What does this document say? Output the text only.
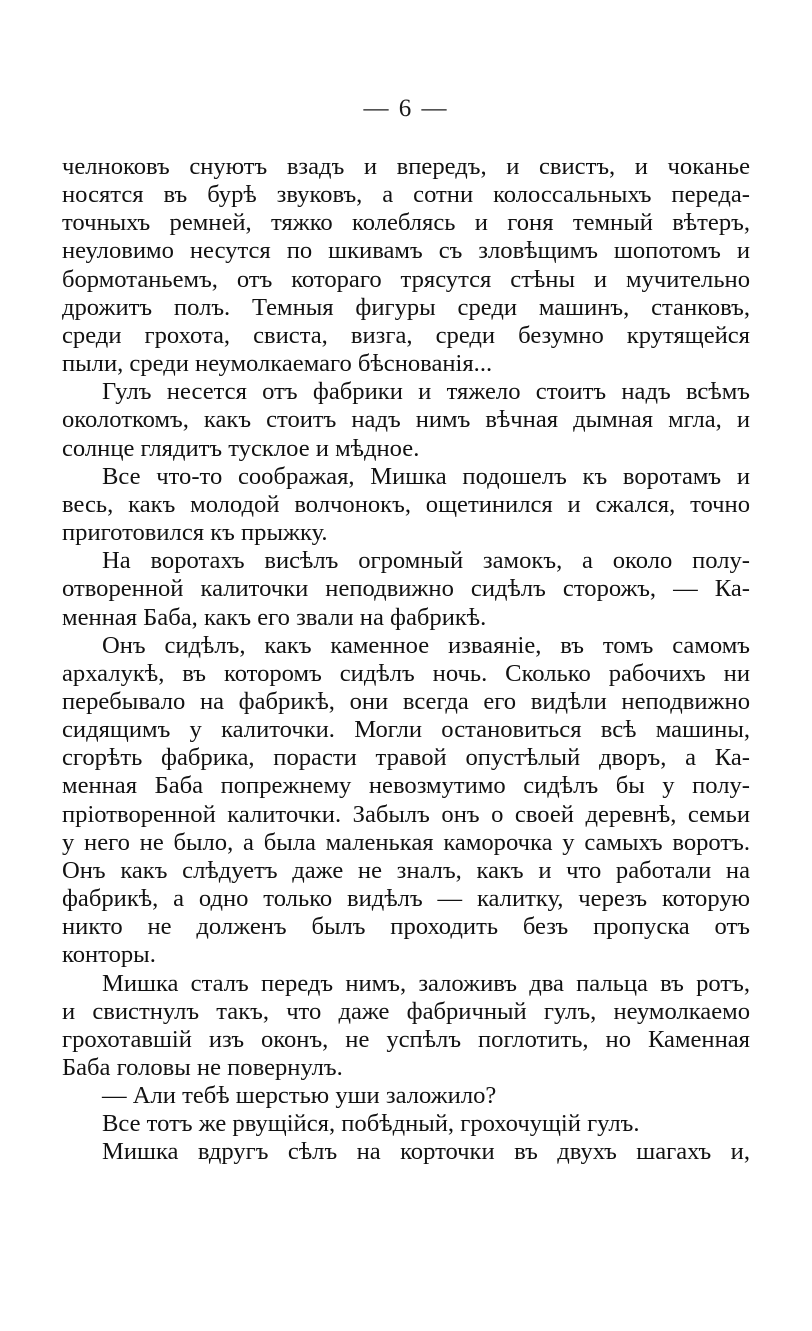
— 6 —
челноковъ снуютъ взадъ и впередъ, и свистъ, и чоканье
носятся въ бурѣ звуковъ, а сотни колоссальныхъ переда-
точныхъ ремней, тяжко колеблясь и гоня темный вѣтеръ,
неуловимо несутся по шкивамъ съ зловѣщимъ шопотомъ и
бормотаньемъ, отъ котораго трясутся стѣны и мучительно
дрожитъ полъ. Темныя фигуры среди машинъ, станковъ,
среди грохота, свиста, визга, среди безумно крутящейся
пыли, среди неумолкаемаго бѣснованія...
Гулъ несется отъ фабрики и тяжело стоитъ надъ всѣмъ
околоткомъ, какъ стоитъ надъ нимъ вѣчная дымная мгла, и
солнце глядитъ тусклое и мѣдное.
Все что-то соображая, Мишка подошелъ къ воротамъ и
весь, какъ молодой волчонокъ, ощетинился и сжался, точно
приготовился къ прыжку.
На воротахъ висѣлъ огромный замокъ, а около полу-
отворенной калиточки неподвижно сидѣлъ сторожъ, — Ка-
менная Баба, какъ его звали на фабрикѣ.
Онъ сидѣлъ, какъ каменное изваяніе, въ томъ самомъ
архалукѣ, въ которомъ сидѣлъ ночь. Сколько рабочихъ ни
перебывало на фабрикѣ, они всегда его видѣли неподвижно
сидящимъ у калиточки. Могли остановиться всѣ машины,
сгорѣть фабрика, порасти травой опустѣлый дворъ, а Ка-
менная Баба попрежнему невозмутимо сидѣлъ бы у полу-
пріотворенной калиточки. Забылъ онъ о своей деревнѣ, семьи
у него не было, а была маленькая каморочка у самыхъ воротъ.
Онъ какъ слѣдуетъ даже не зналъ, какъ и что работали на
фабрикѣ, а одно только видѣлъ — калитку, черезъ которую
никто не долженъ былъ проходить безъ пропуска отъ
конторы.
Мишка сталъ передъ нимъ, заложивъ два пальца въ ротъ,
и свистнулъ такъ, что даже фабричный гулъ, неумолкаемо
грохотавшій изъ оконъ, не успѣлъ поглотить, но Каменная
Баба головы не повернулъ.
— Али тебѣ шерстью уши заложило?
Все тотъ же рвущійся, побѣдный, грохочущій гулъ.
Мишка вдругъ сѣлъ на корточки въ двухъ шагахъ и,
